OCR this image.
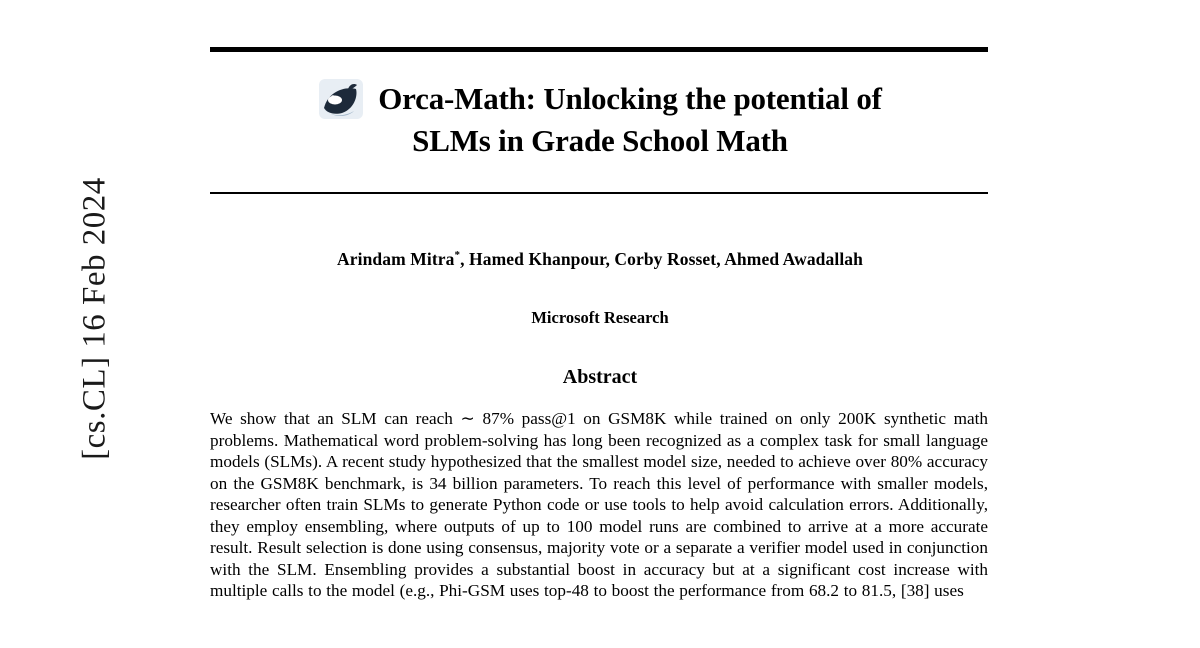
[cs.CL] 16 Feb 2024
Orca-Math: Unlocking the potential of
SLMs in Grade School Math
Arindam Mitra*, Hamed Khanpour, Corby Rosset, Ahmed Awadallah
Microsoft Research
Abstract

We show that an SLM can reach ∼ 87% pass@1 on GSM8K while trained on only 200K synthetic math problems. Mathematical word problem-solving has long been recognized as a complex task for small language models (SLMs). A recent study hypothesized that the smallest model size, needed to achieve over 80% accuracy on the GSM8K benchmark, is 34 billion parameters. To reach this level of performance with smaller models, researcher often train SLMs to generate Python code or use tools to help avoid calculation errors. Additionally, they employ ensembling, where outputs of up to 100 model runs are combined to arrive at a more accurate result. Result selection is done using consensus, majority vote or a separate a verifier model used in conjunction with the SLM. Ensembling provides a substantial boost in accuracy but at a significant cost increase with multiple calls to the model (e.g., Phi-GSM uses top-48 to boost the performance from 68.2 to 81.5, [38] uses
